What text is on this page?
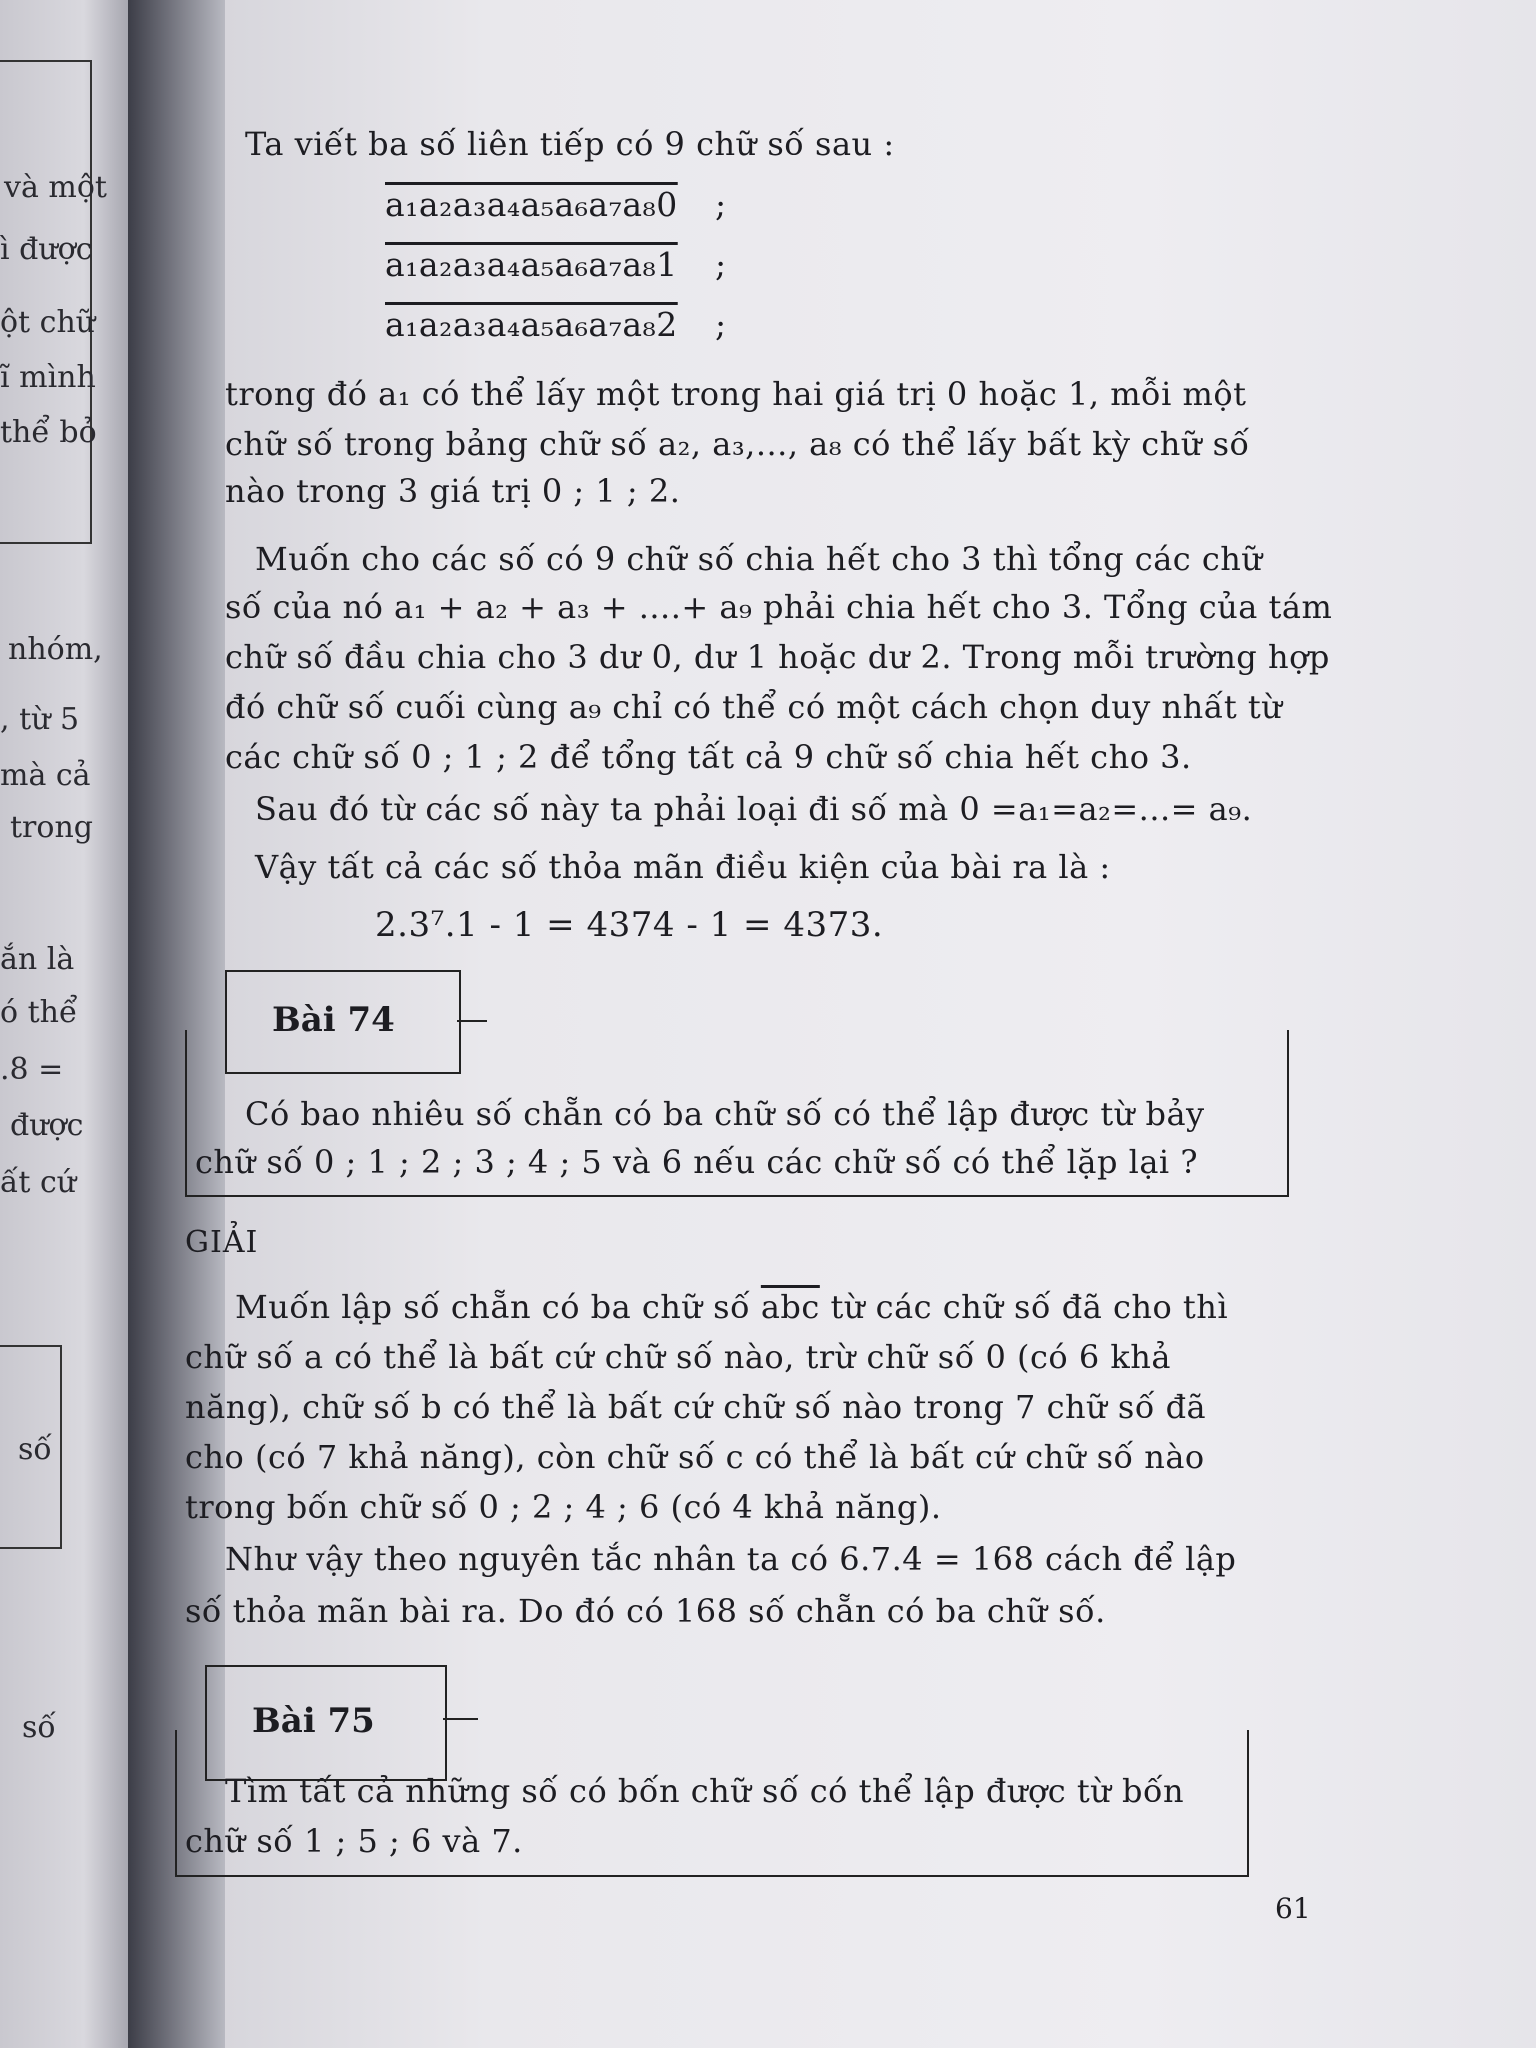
và một
ì được
ột chữ
ĩ mình
thể bỏ
nhóm,
, từ 5
mà cả
trong
ắn là
ó thể
.8 =
được
ất cứ
số
số
Ta viết ba số liên tiếp có 9 chữ số sau :
a₁a₂a₃a₄a₅a₆a₇a₈0 ;
a₁a₂a₃a₄a₅a₆a₇a₈1 ;
a₁a₂a₃a₄a₅a₆a₇a₈2 ;
trong đó a₁ có thể lấy một trong hai giá trị 0 hoặc 1, mỗi một
chữ số trong bảng chữ số a₂, a₃,..., a₈ có thể lấy bất kỳ chữ số
nào trong 3 giá trị 0 ; 1 ; 2.
Muốn cho các số có 9 chữ số chia hết cho 3 thì tổng các chữ
số của nó a₁ + a₂ + a₃ + ....+ a₉ phải chia hết cho 3. Tổng của tám
chữ số đầu chia cho 3 dư 0, dư 1 hoặc dư 2. Trong mỗi trường hợp
đó chữ số cuối cùng a₉ chỉ có thể có một cách chọn duy nhất từ
các chữ số 0 ; 1 ; 2 để tổng tất cả 9 chữ số chia hết cho 3.
Sau đó từ các số này ta phải loại đi số mà 0 =a₁=a₂=...= a₉.
Vậy tất cả các số thỏa mãn điều kiện của bài ra là :
2.3⁷.1 - 1 = 4374 - 1 = 4373.
Bài 74
Có bao nhiêu số chẵn có ba chữ số có thể lập được từ bảy
chữ số 0 ; 1 ; 2 ; 3 ; 4 ; 5 và 6 nếu các chữ số có thể lặp lại ?
GIẢI
Muốn lập số chẵn có ba chữ số $\overline{abc}$ từ các chữ số đã cho thì
chữ số a có thể là bất cứ chữ số nào, trừ chữ số 0 (có 6 khả
năng), chữ số b có thể là bất cứ chữ số nào trong 7 chữ số đã
cho (có 7 khả năng), còn chữ số c có thể là bất cứ chữ số nào
trong bốn chữ số 0 ; 2 ; 4 ; 6 (có 4 khả năng).
Như vậy theo nguyên tắc nhân ta có 6.7.4 = 168 cách để lập
số thỏa mãn bài ra. Do đó có 168 số chẵn có ba chữ số.
Bài 75
Tìm tất cả những số có bốn chữ số có thể lập được từ bốn
chữ số 1 ; 5 ; 6 và 7.
61
